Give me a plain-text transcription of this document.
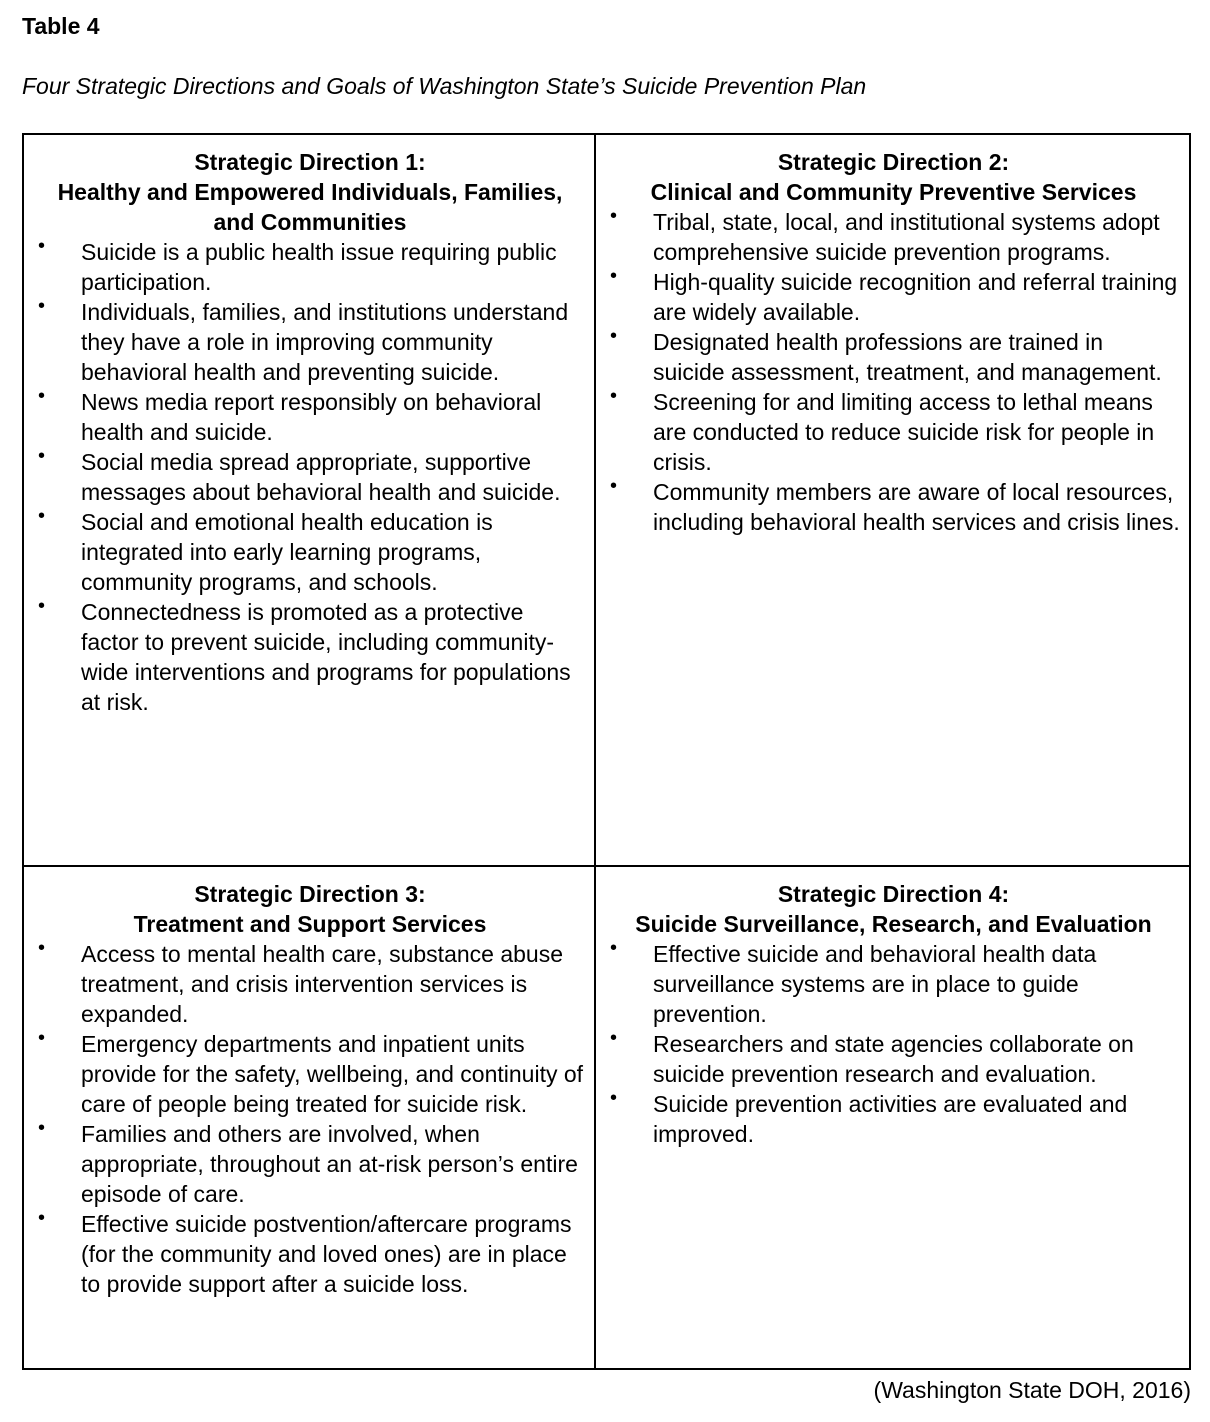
Table 4
Four Strategic Directions and Goals of Washington State’s Suicide Prevention Plan
Strategic Direction 1:
Healthy and Empowered Individuals, Families, and Communities
• Suicide is a public health issue requiring public participation.
• Individuals, families, and institutions understand they have a role in improving community behavioral health and preventing suicide.
• News media report responsibly on behavioral health and suicide.
• Social media spread appropriate, supportive messages about behavioral health and suicide.
• Social and emotional health education is integrated into early learning programs, community programs, and schools.
• Connectedness is promoted as a protective factor to prevent suicide, including community-wide interventions and programs for populations at risk.
Strategic Direction 2:
Clinical and Community Preventive Services
• Tribal, state, local, and institutional systems adopt comprehensive suicide prevention programs.
• High-quality suicide recognition and referral training are widely available.
• Designated health professions are trained in suicide assessment, treatment, and management.
• Screening for and limiting access to lethal means are conducted to reduce suicide risk for people in crisis.
• Community members are aware of local resources, including behavioral health services and crisis lines.
Strategic Direction 3:
Treatment and Support Services
• Access to mental health care, substance abuse treatment, and crisis intervention services is expanded.
• Emergency departments and inpatient units provide for the safety, wellbeing, and continuity of care of people being treated for suicide risk.
• Families and others are involved, when appropriate, throughout an at-risk person’s entire episode of care.
• Effective suicide postvention/aftercare programs (for the community and loved ones) are in place to provide support after a suicide loss.
Strategic Direction 4:
Suicide Surveillance, Research, and Evaluation
• Effective suicide and behavioral health data surveillance systems are in place to guide prevention.
• Researchers and state agencies collaborate on suicide prevention research and evaluation.
• Suicide prevention activities are evaluated and improved.
(Washington State DOH, 2016)
